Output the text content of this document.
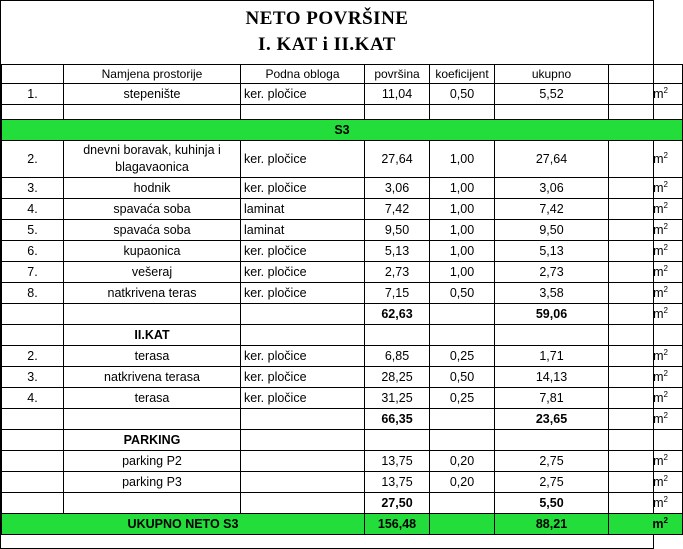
NETO POVRŠINE
I. KAT i II.KAT
	Namjena prostorije	Podna obloga	površina	koeficijent	ukupno	
1.	stepenište	ker. pločice	11,04	0,50	5,52	$m^2$

S3						
2.	dnevni boravak, kuhinja i blagavaonica	ker. pločice	27,64	1,00	27,64	$m^2$
3.	hodnik	ker. pločice	3,06	1,00	3,06	$m^2$
4.	spavaća soba	laminat	7,42	1,00	7,42	$m^2$
5.	spavaća soba	laminat	9,50	1,00	9,50	$m^2$
6.	kupaonica	ker. pločice	5,13	1,00	5,13	$m^2$
7.	vešeraj	ker. pločice	2,73	1,00	2,73	$m^2$
8.	natkrivena teras	ker. pločice	7,15	0,50	3,58	$m^2$
			62,63		59,06	$m^2$
	II.KAT					
2.	terasa	ker. pločice	6,85	0,25	1,71	$m^2$
3.	natkrivena terasa	ker. pločice	28,25	0,50	14,13	$m^2$
4.	terasa	ker. pločice	31,25	0,25	7,81	$m^2$
			66,35		23,65	$m^2$
	PARKING					
	parking P2		13,75	0,20	2,75	$m^2$
	parking P3		13,75	0,20	2,75	$m^2$
			27,50		5,50	$m^2$
UKUPNO NETO S3			156,48		88,21	$m^2$
